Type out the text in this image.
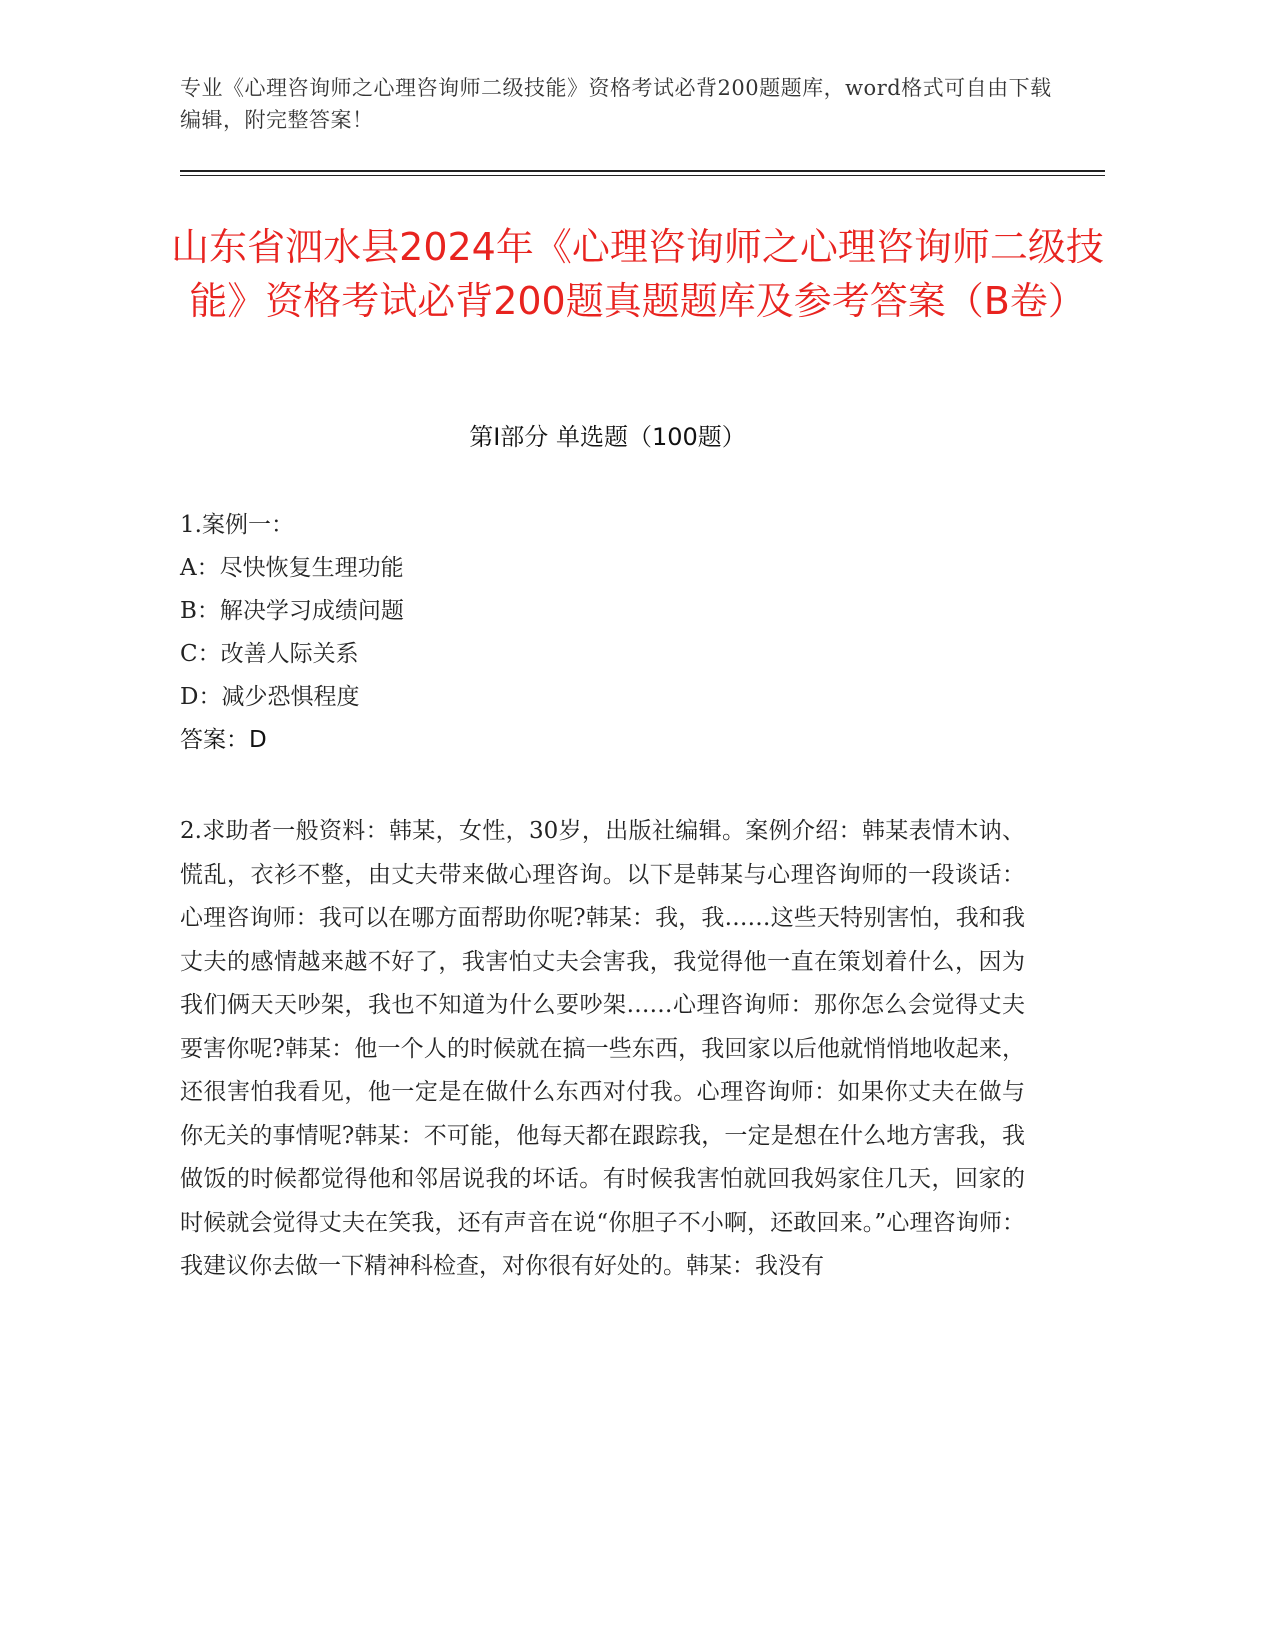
专业《心理咨询师之心理咨询师二级技能》资格考试必背200题题库，word格式可自由下载编辑，附完整答案！
山东省泗水县2024年《心理咨询师之心理咨询师二级技能》资格考试必背200题真题题库及参考答案（B卷）
第Ⅰ部分 单选题（100题）
1.案例一：
A：尽快恢复生理功能
B：解决学习成绩问题
C：改善人际关系
D：减少恐惧程度
答案：D
2.求助者一般资料：韩某，女性，30岁，出版社编辑。案例介绍：韩某表情木讷、慌乱，衣衫不整，由丈夫带来做心理咨询。以下是韩某与心理咨询师的一段谈话：心理咨询师：我可以在哪方面帮助你呢?韩某：我，我……这些天特别害怕，我和我丈夫的感情越来越不好了，我害怕丈夫会害我，我觉得他一直在策划着什么，因为我们俩天天吵架，我也不知道为什么要吵架……心理咨询师：那你怎么会觉得丈夫要害你呢?韩某：他一个人的时候就在搞一些东西，我回家以后他就悄悄地收起来，还很害怕我看见，他一定是在做什么东西对付我。心理咨询师：如果你丈夫在做与你无关的事情呢?韩某：不可能，他每天都在跟踪我，一定是想在什么地方害我，我做饭的时候都觉得他和邻居说我的坏话。有时候我害怕就回我妈家住几天，回家的时候就会觉得丈夫在笑我，还有声音在说“你胆子不小啊，还敢回来。”心理咨询师：我建议你去做一下精神科检查，对你很有好处的。韩某：我没有
